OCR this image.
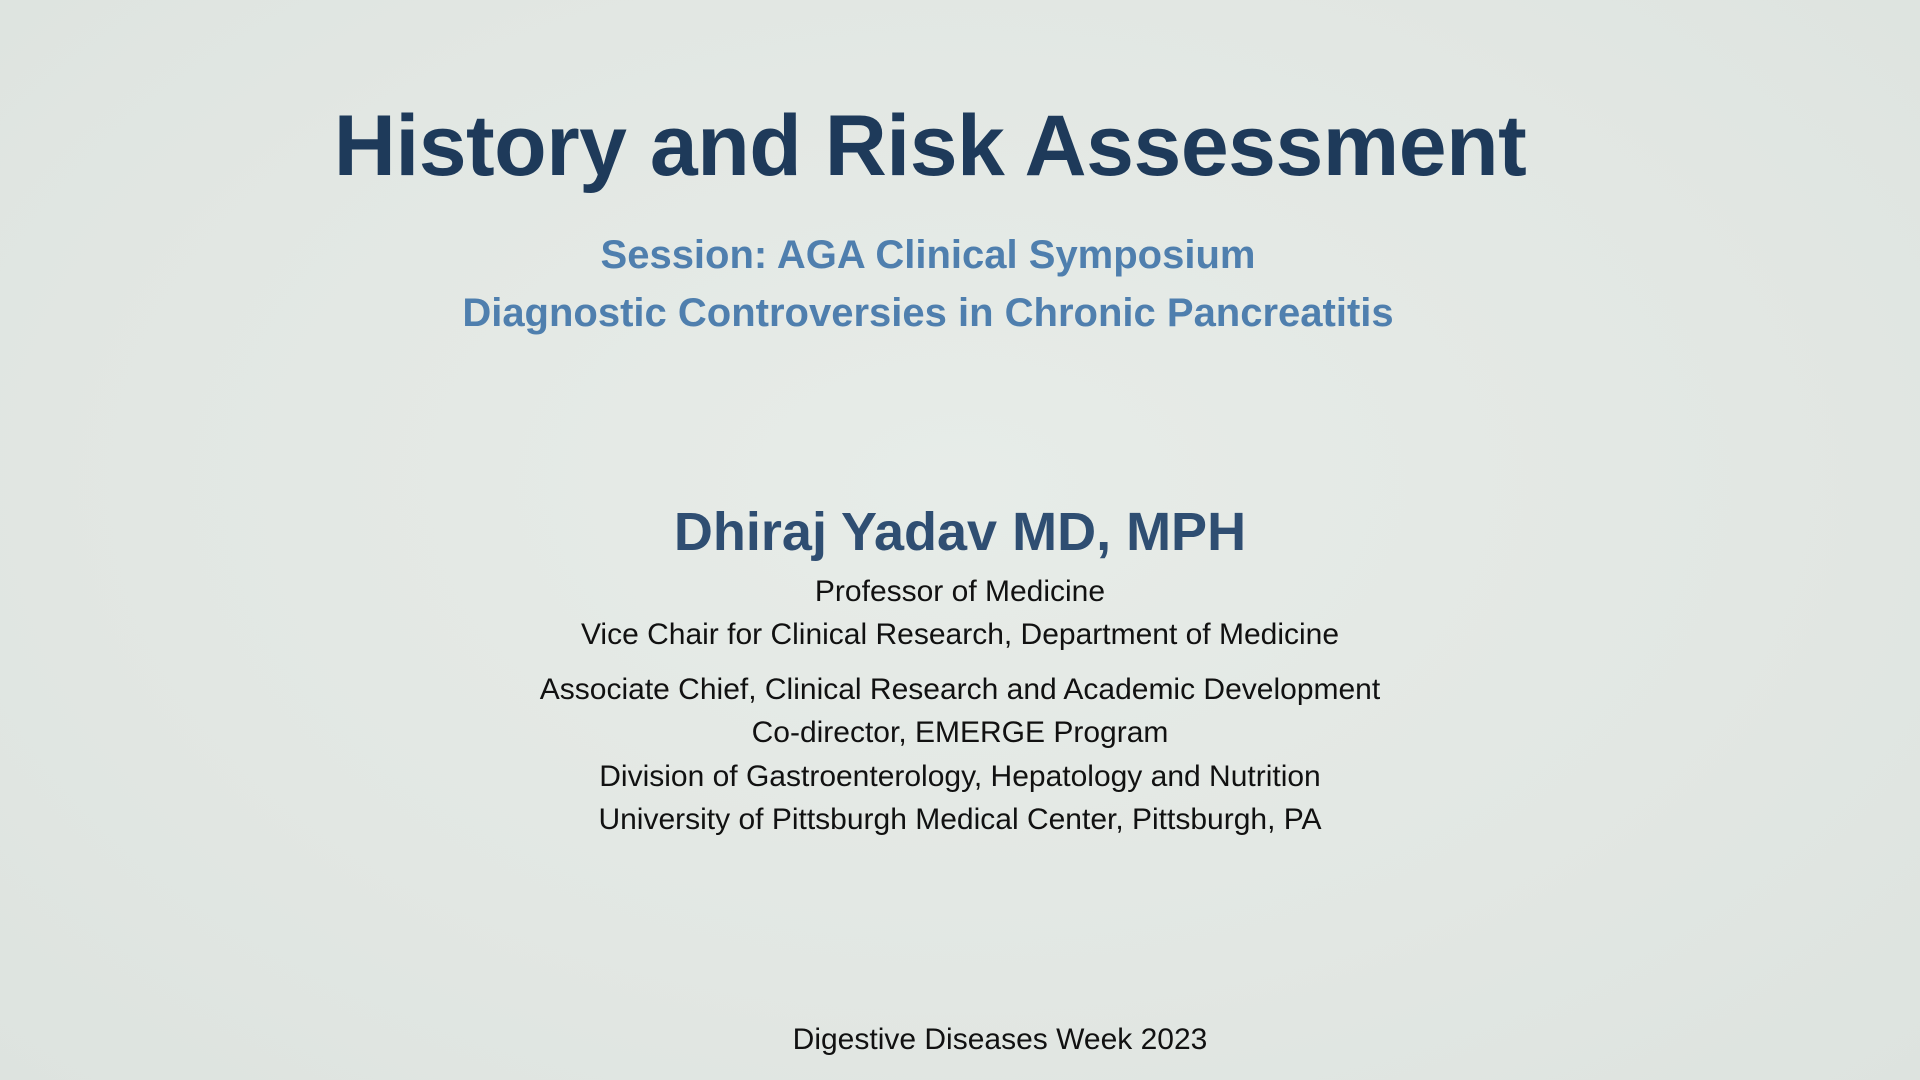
History and Risk Assessment
Session: AGA Clinical Symposium
Diagnostic Controversies in Chronic Pancreatitis
Dhiraj Yadav MD, MPH
Professor of Medicine
Vice Chair for Clinical Research, Department of Medicine
Associate Chief, Clinical Research and Academic Development
Co-director, EMERGE Program
Division of Gastroenterology, Hepatology and Nutrition
University of Pittsburgh Medical Center, Pittsburgh, PA
Digestive Diseases Week 2023
